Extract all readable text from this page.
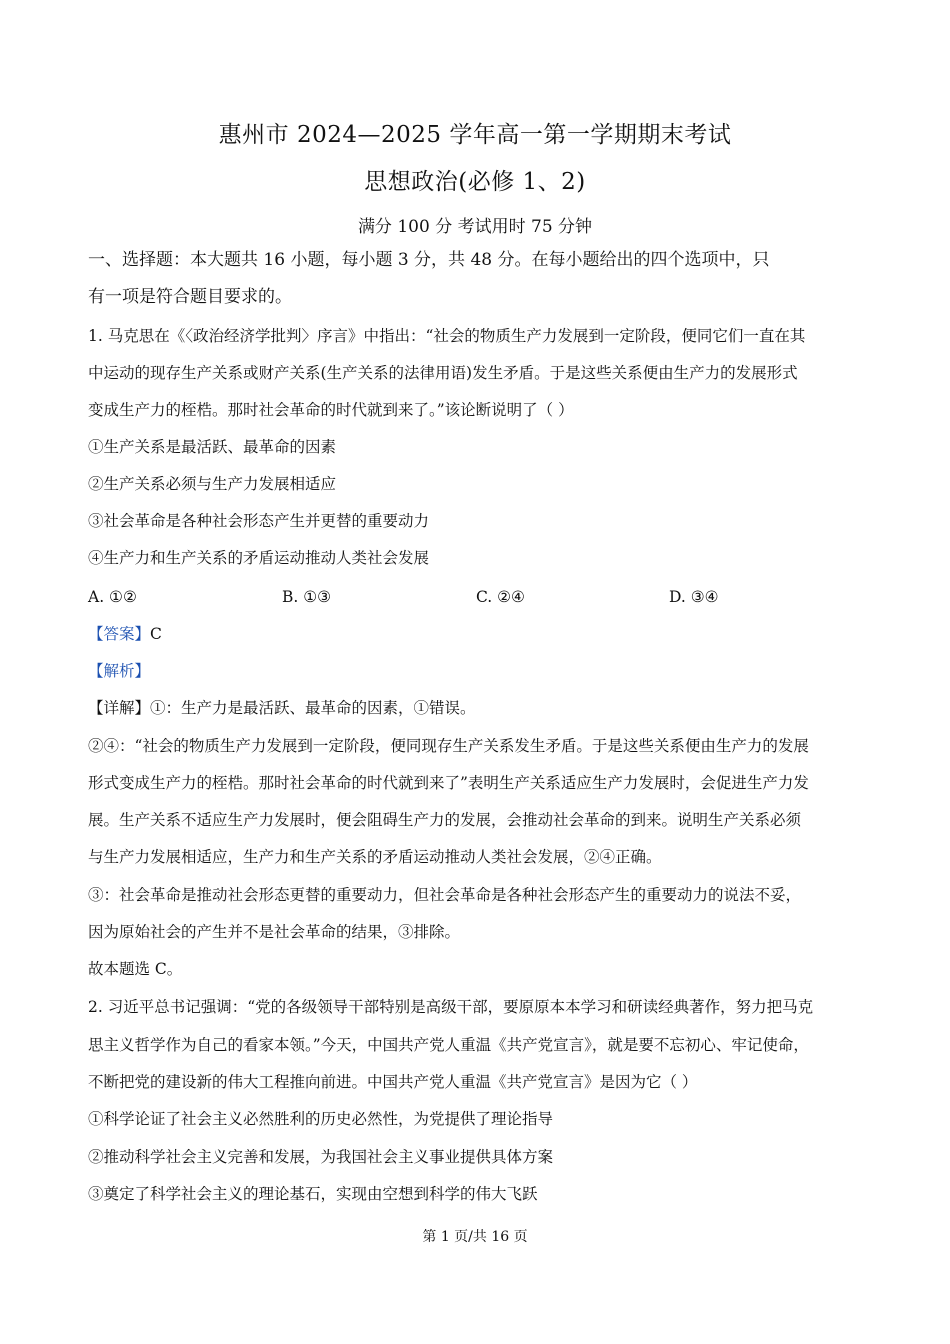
惠州市 2024—2025 学年高一第一学期期末考试
思想政治(必修 1、2)
满分 100 分 考试用时 75 分钟
一、选择题：本大题共 16 小题，每小题 3 分，共 48 分。在每小题给出的四个选项中，只
有一项是符合题目要求的。
1. 马克思在《〈政治经济学批判〉序言》中指出：“社会的物质生产力发展到一定阶段，便同它们一直在其
中运动的现存生产关系或财产关系(生产关系的法律用语)发生矛盾。于是这些关系便由生产力的发展形式
变成生产力的桎梏。那时社会革命的时代就到来了。”该论断说明了（ ）
①生产关系是最活跃、最革命的因素
②生产关系必须与生产力发展相适应
③社会革命是各种社会形态产生并更替的重要动力
④生产力和生产关系的矛盾运动推动人类社会发展
A. ①②	B. ①③	C. ②④	D. ③④
【答案】C
【解析】
【详解】①：生产力是最活跃、最革命的因素，①错误。
②④：“社会的物质生产力发展到一定阶段，便同现存生产关系发生矛盾。于是这些关系便由生产力的发展
形式变成生产力的桎梏。那时社会革命的时代就到来了”表明生产关系适应生产力发展时，会促进生产力发
展。生产关系不适应生产力发展时，便会阻碍生产力的发展，会推动社会革命的到来。说明生产关系必须
与生产力发展相适应，生产力和生产关系的矛盾运动推动人类社会发展，②④正确。
③：社会革命是推动社会形态更替的重要动力，但社会革命是各种社会形态产生的重要动力的说法不妥，
因为原始社会的产生并不是社会革命的结果，③排除。
故本题选 C。
2. 习近平总书记强调：“党的各级领导干部特别是高级干部，要原原本本学习和研读经典著作，努力把马克
思主义哲学作为自己的看家本领。”今天，中国共产党人重温《共产党宣言》，就是要不忘初心、牢记使命，
不断把党的建设新的伟大工程推向前进。中国共产党人重温《共产党宣言》是因为它（ ）
①科学论证了社会主义必然胜利的历史必然性，为党提供了理论指导
②推动科学社会主义完善和发展，为我国社会主义事业提供具体方案
③奠定了科学社会主义的理论基石，实现由空想到科学的伟大飞跃
第 1 页/共 16 页
